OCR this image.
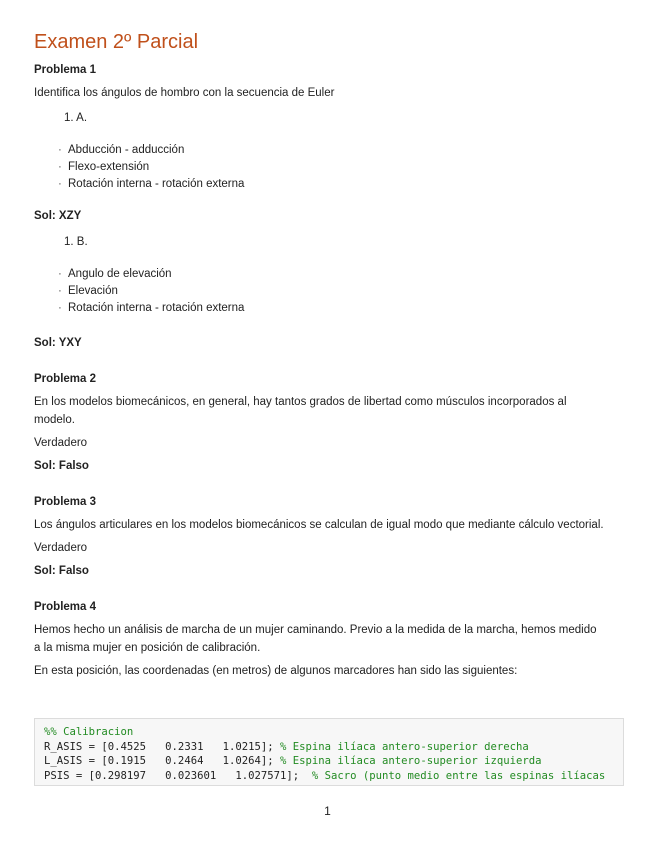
Examen 2º Parcial

Problema 1

Identifica los ángulos de hombro con la secuencia de Euler

1. A.

· Abducción - adducción
· Flexo-extensión
· Rotación interna - rotación externa

Sol: XZY

1. B.

· Angulo de elevación
· Elevación
· Rotación interna - rotación externa

Sol: YXY

Problema 2

En los modelos biomecánicos, en general, hay tantos grados de libertad como músculos incorporados al

modelo.

Verdadero

Sol: Falso

Problema 3

Los ángulos articulares en los modelos biomecánicos se calculan de igual modo que mediante cálculo vectorial.

Verdadero

Sol: Falso

Problema 4

Hemos hecho un análisis de marcha de un mujer caminando. Previo a la medida de la marcha, hemos medido

a la misma mujer en posición de calibración.

En esta posición, las coordenadas (en metros) de algunos marcadores han sido las siguientes:

%% Calibracion
R_ASIS = [0.4525   0.2331   1.0215]; % Espina ilíaca antero-superior derecha
L_ASIS = [0.1915   0.2464   1.0264]; % Espina ilíaca antero-superior izquierda
PSIS = [0.298197   0.023601   1.027571];  % Sacro (punto medio entre las espinas ilíacas
1
